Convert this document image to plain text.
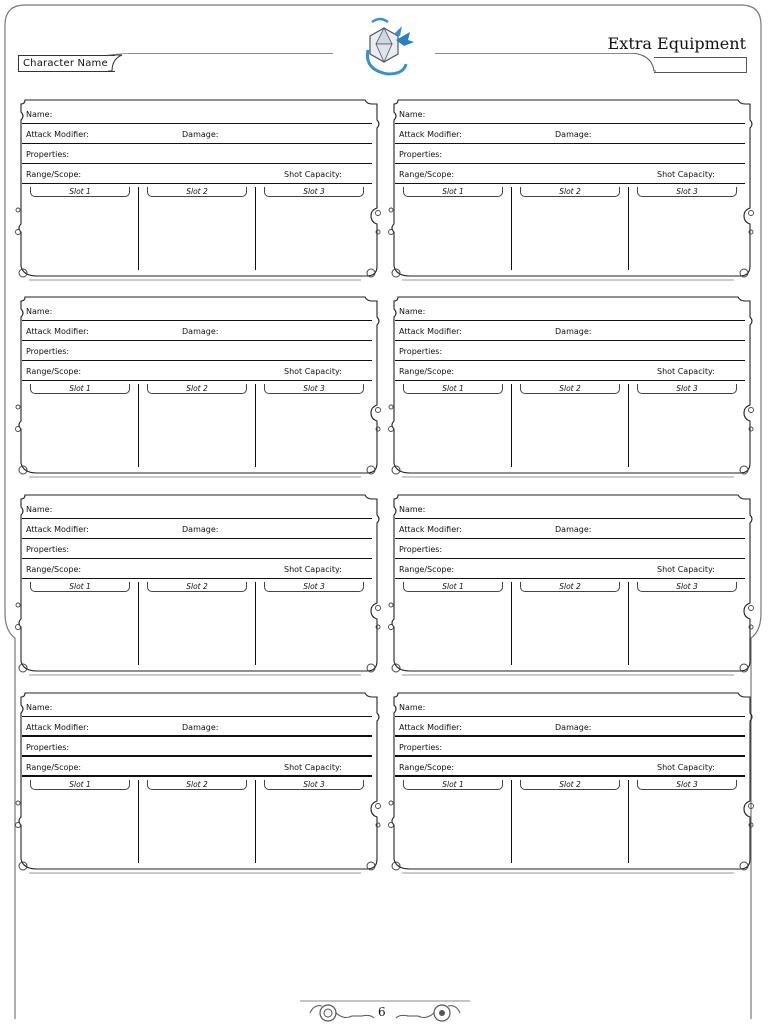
Character Name
Extra Equipment
Name:
Attack Modifier:	Damage:
Properties:
Range/Scope:	Shot Capacity:
Slot 1	Slot 2	Slot 3
Name:
Attack Modifier:	Damage:
Properties:
Range/Scope:	Shot Capacity:
Slot 1	Slot 2	Slot 3
Name:
Attack Modifier:	Damage:
Properties:
Range/Scope:	Shot Capacity:
Slot 1	Slot 2	Slot 3
Name:
Attack Modifier:	Damage:
Properties:
Range/Scope:	Shot Capacity:
Slot 1	Slot 2	Slot 3
Name:
Attack Modifier:	Damage:
Properties:
Range/Scope:	Shot Capacity:
Slot 1	Slot 2	Slot 3
Name:
Attack Modifier:	Damage:
Properties:
Range/Scope:	Shot Capacity:
Slot 1	Slot 2	Slot 3
Name:
Attack Modifier:	Damage:
Properties:
Range/Scope:	Shot Capacity:
Slot 1	Slot 2	Slot 3
Name:
Attack Modifier:	Damage:
Properties:
Range/Scope:	Shot Capacity:
Slot 1	Slot 2	Slot 3
6
